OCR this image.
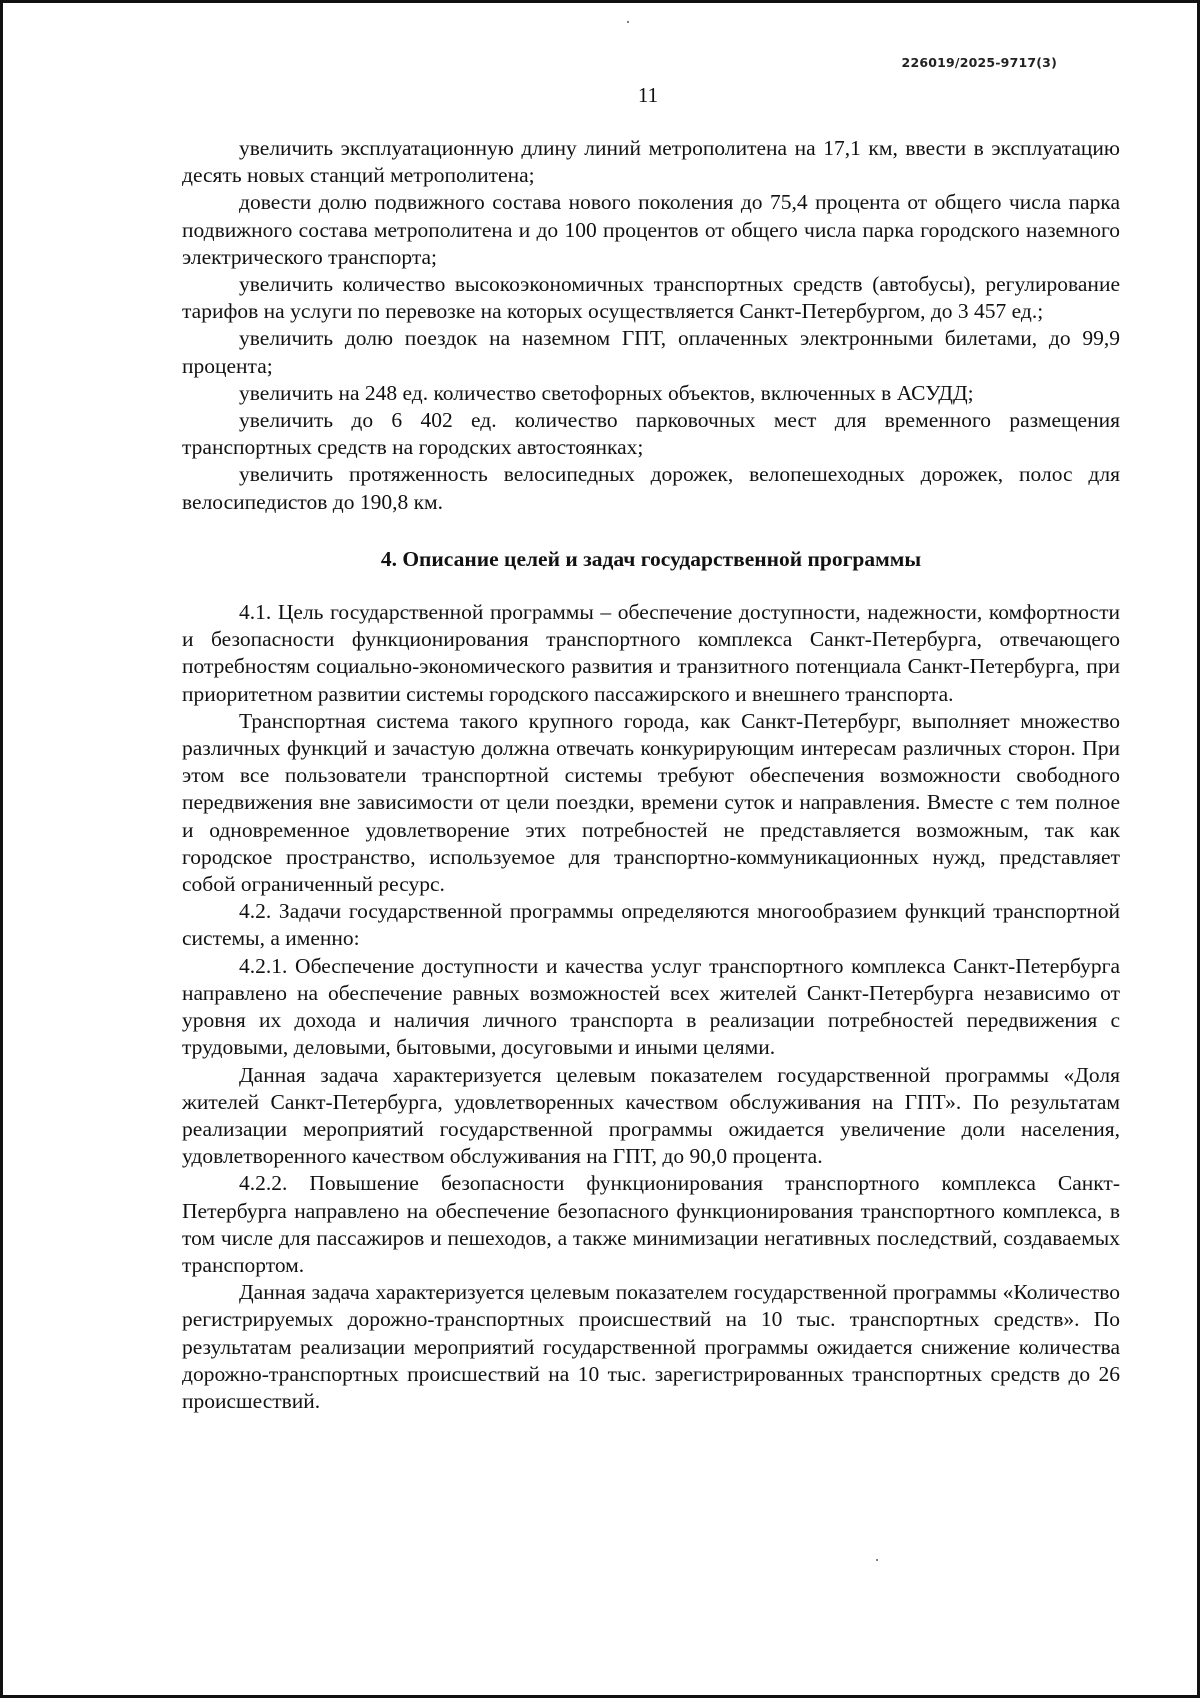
226019/2025-9717(3)
11

увеличить эксплуатационную длину линий метрополитена на 17,1 км, ввести в эксплуатацию десять новых станций метрополитена;

довести долю подвижного состава нового поколения до 75,4 процента от общего числа парка подвижного состава метрополитена и до 100 процентов от общего числа парка городского наземного электрического транспорта;

увеличить количество высокоэкономичных транспортных средств (автобусы), регулирование тарифов на услуги по перевозке на которых осуществляется Санкт-Петербургом, до 3 457 ед.;

увеличить долю поездок на наземном ГПТ, оплаченных электронными билетами, до 99,9 процента;

увеличить на 248 ед. количество светофорных объектов, включенных в АСУДД;

увеличить до 6 402 ед. количество парковочных мест для временного размещения транспортных средств на городских автостоянках;

увеличить протяженность велосипедных дорожек, велопешеходных дорожек, полос для велосипедистов до 190,8 км.

4. Описание целей и задач государственной программы

4.1. Цель государственной программы – обеспечение доступности, надежности, комфортности и безопасности функционирования транспортного комплекса Санкт-Петербурга, отвечающего потребностям социально-экономического развития и транзитного потенциала Санкт-Петербурга, при приоритетном развитии системы городского пассажирского и внешнего транспорта.

Транспортная система такого крупного города, как Санкт-Петербург, выполняет множество различных функций и зачастую должна отвечать конкурирующим интересам различных сторон. При этом все пользователи транспортной системы требуют обеспечения возможности свободного передвижения вне зависимости от цели поездки, времени суток и направления. Вместе с тем полное и одновременное удовлетворение этих потребностей не представляется возможным, так как городское пространство, используемое для транспортно-коммуникационных нужд, представляет собой ограниченный ресурс.

4.2. Задачи государственной программы определяются многообразием функций транспортной системы, а именно:

4.2.1. Обеспечение доступности и качества услуг транспортного комплекса Санкт-Петербурга направлено на обеспечение равных возможностей всех жителей Санкт-Петербурга независимо от уровня их дохода и наличия личного транспорта в реализации потребностей передвижения с трудовыми, деловыми, бытовыми, досуговыми и иными целями.

Данная задача характеризуется целевым показателем государственной программы «Доля жителей Санкт-Петербурга, удовлетворенных качеством обслуживания на ГПТ». По результатам реализации мероприятий государственной программы ожидается увеличение доли населения, удовлетворенного качеством обслуживания на ГПТ, до 90,0 процента.

4.2.2. Повышение безопасности функционирования транспортного комплекса Санкт-Петербурга направлено на обеспечение безопасного функционирования транспортного комплекса, в том числе для пассажиров и пешеходов, а также минимизации негативных последствий, создаваемых транспортом.

Данная задача характеризуется целевым показателем государственной программы «Количество регистрируемых дорожно-транспортных происшествий на 10 тыс. транспортных средств». По результатам реализации мероприятий государственной программы ожидается снижение количества дорожно-транспортных происшествий на 10 тыс. зарегистрированных транспортных средств до 26 происшествий.
